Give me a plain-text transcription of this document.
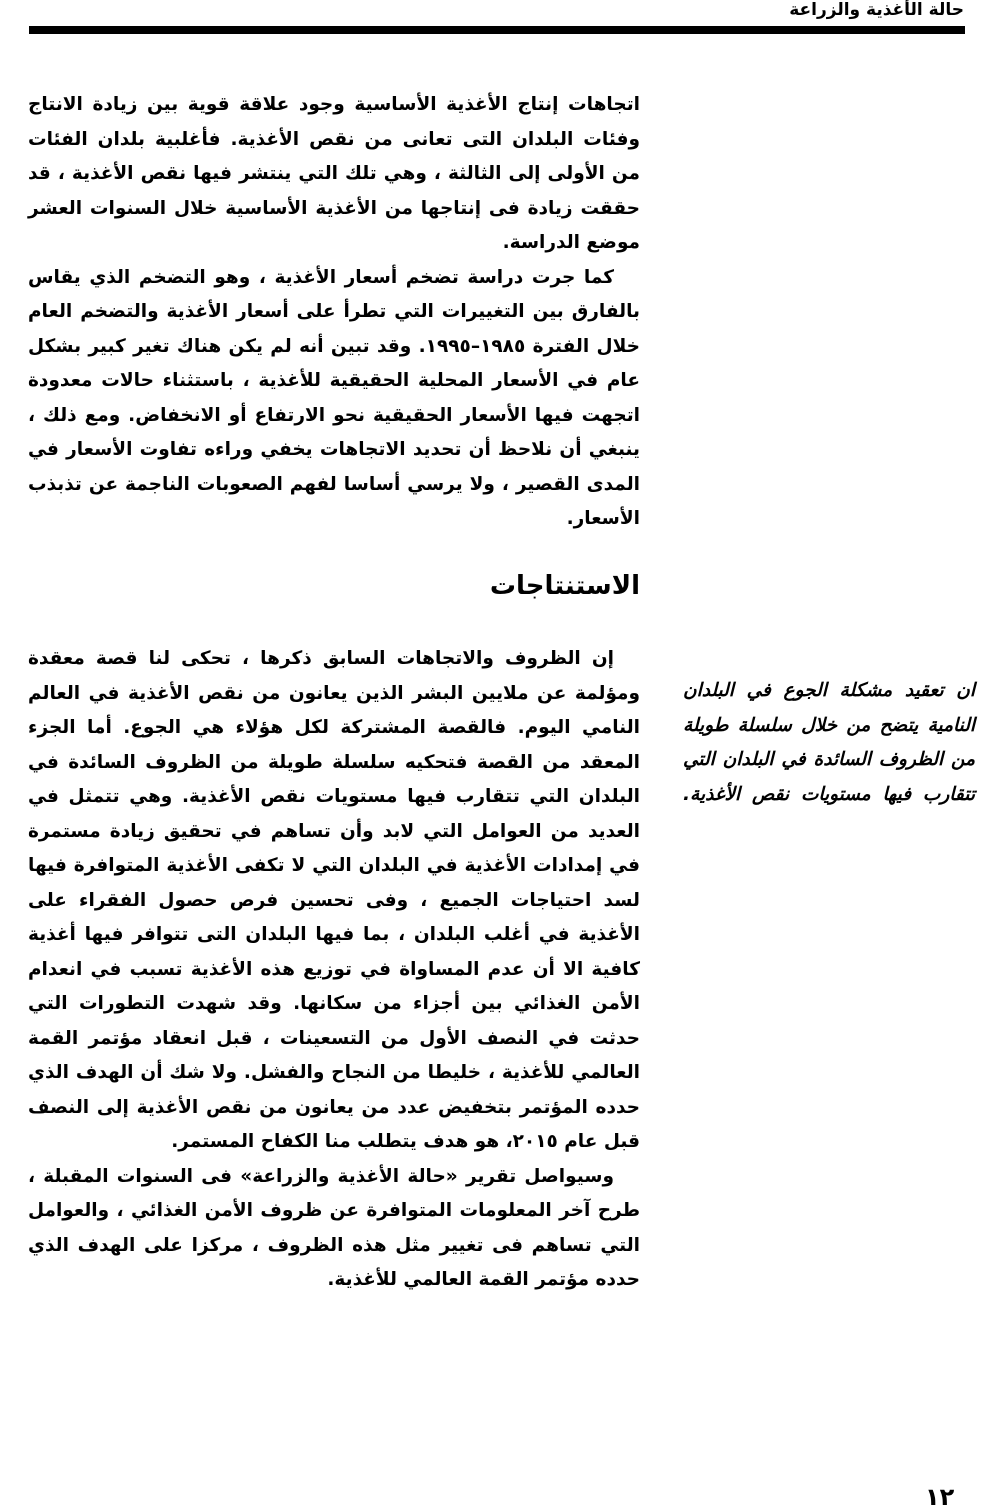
حالة الأغذية والزراعة

اتجاهات إنتاج الأغذية الأساسية وجود علاقة قوية بين زيادة الانتاج وفئات البلدان التى تعانى من نقص الأغذية. فأغلبية بلدان الفئات من الأولى إلى الثالثة ، وهي تلك التي ينتشر فيها نقص الأغذية ، قد حققت زيادة فى إنتاجها من الأغذية الأساسية خلال السنوات العشر موضع الدراسة.

كما جرت دراسة تضخم أسعار الأغذية ، وهو التضخم الذي يقاس بالفارق بين التغييرات التي تطرأ على أسعار الأغذية والتضخم العام خلال الفترة ١٩٨٥–١٩٩٥. وقد تبين أنه لم يكن هناك تغير كبير بشكل عام في الأسعار المحلية الحقيقية للأغذية ، باستثناء حالات معدودة اتجهت فيها الأسعار الحقيقية نحو الارتفاع أو الانخفاض. ومع ذلك ، ينبغي أن نلاحظ أن تحديد الاتجاهات يخفي وراءه تفاوت الأسعار في المدى القصير ، ولا يرسي أساسا لفهم الصعوبات الناجمة عن تذبذب الأسعار.

الاستنتاجات

إن الظروف والاتجاهات السابق ذكرها ، تحكى لنا قصة معقدة ومؤلمة عن ملايين البشر الذين يعانون من نقص الأغذية في العالم النامي اليوم. فالقصة المشتركة لكل هؤلاء هي الجوع. أما الجزء المعقد من القصة فتحكيه سلسلة طويلة من الظروف السائدة في البلدان التي تتقارب فيها مستويات نقص الأغذية. وهي تتمثل في العديد من العوامل التي لابد وأن تساهم في تحقيق زيادة مستمرة في إمدادات الأغذية في البلدان التي لا تكفى الأغذية المتوافرة فيها لسد احتياجات الجميع ، وفى تحسين فرص حصول الفقراء على الأغذية في أغلب البلدان ، بما فيها البلدان التى تتوافر فيها أغذية كافية الا أن عدم المساواة في توزيع هذه الأغذية تسبب في انعدام الأمن الغذائي بين أجزاء من سكانها. وقد شهدت التطورات التي حدثت في النصف الأول من التسعينات ، قبل انعقاد مؤتمر القمة العالمي للأغذية ، خليطا من النجاح والفشل. ولا شك أن الهدف الذي حدده المؤتمر بتخفيض عدد من يعانون من نقص الأغذية إلى النصف قبل عام ٢٠١٥، هو هدف يتطلب منا الكفاح المستمر.

وسيواصل تقرير «حالة الأغذية والزراعة» فى السنوات المقبلة ، طرح آخر المعلومات المتوافرة عن ظروف الأمن الغذائي ، والعوامل التي تساهم فى تغيير مثل هذه الظروف ، مركزا على الهدف الذي حدده مؤتمر القمة العالمي للأغذية.

ان تعقيد مشكلة الجوع في البلدان النامية يتضح من خلال سلسلة طويلة من الظروف السائدة في البلدان التي تتقارب فيها مستويات نقص الأغذية.

١٢
